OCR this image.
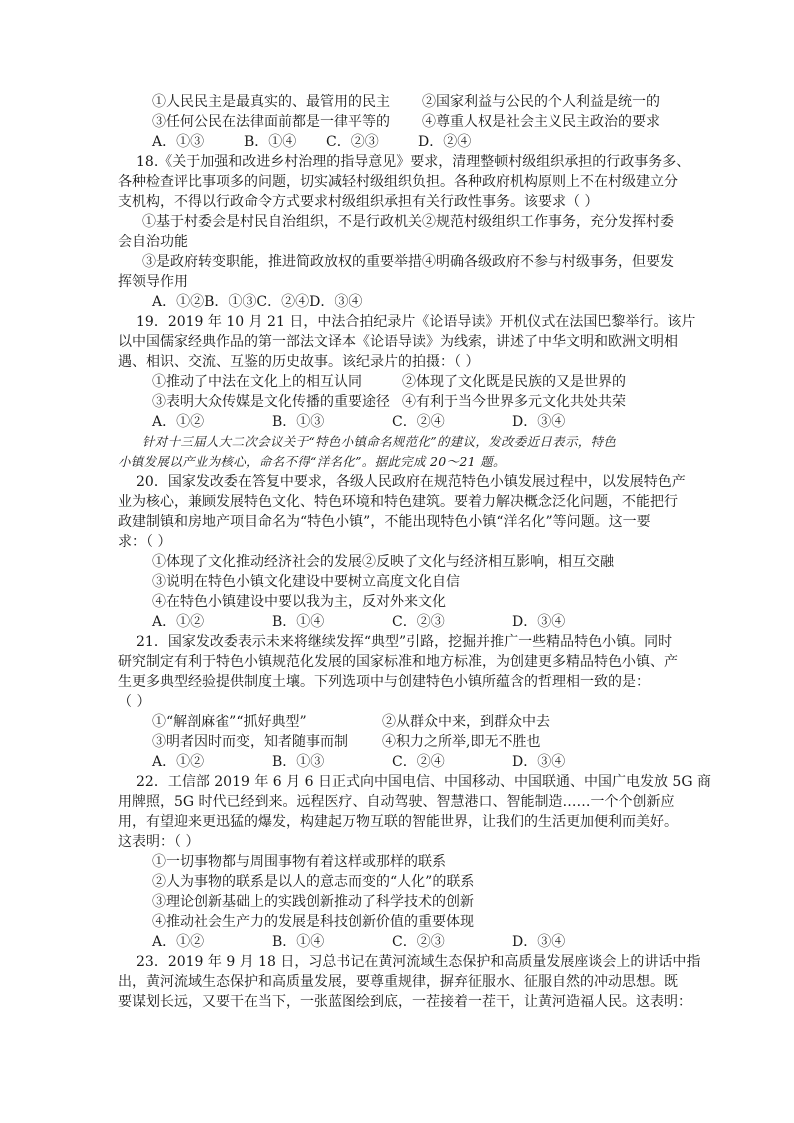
①人民民主是最真实的、最管用的民主	②国家利益与公民的个人利益是统一的
③任何公民在法律面前都是一律平等的	④尊重人权是社会主义民主政治的要求
A．①③	B．①④ C．②③	D．②④
18.《关于加强和改进乡村治理的指导意见》要求，清理整顿村级组织承担的行政事务多、
各种检查评比事项多的问题，切实减轻村级组织负担。各种政府机构原则上不在村级建立分
支机构，不得以行政命令方式要求村级组织承担有关行政性事务。该要求（ ）
①基于村委会是村民自治组织，不是行政机关②规范村级组织工作事务，充分发挥村委
会自治功能
③是政府转变职能，推进简政放权的重要举措④明确各级政府不参与村级事务，但要发
挥领导作用
A．①②B．①③C．②④D．③④
19．2019 年 10 月 21 日，中法合拍纪录片《论语导读》开机仪式在法国巴黎举行。该片
以中国儒家经典作品的第一部法文译本《论语导读》为线索，讲述了中华文明和欧洲文明相
遇、相识、交流、互鉴的历史故事。该纪录片的拍摄：（ ）
①推动了中法在文化上的相互认同	②体现了文化既是民族的又是世界的
③表明大众传媒是文化传播的重要途径 ④有利于当今世界多元文化共处共荣
A．①②	B．①③	C．②④	D．③④
针对十三届人大二次会议关于“特色小镇命名规范化”的建议，发改委近日表示，特色
小镇发展以产业为核心，命名不得“洋名化”。据此完成 20～21 题。
20．国家发改委在答复中要求，各级人民政府在规范特色小镇发展过程中，以发展特色产
业为核心，兼顾发展特色文化、特色环境和特色建筑。要着力解决概念泛化问题，不能把行
政建制镇和房地产项目命名为“特色小镇”，不能出现特色小镇“洋名化”等问题。这一要
求：（ ）
①体现了文化推动经济社会的发展②反映了文化与经济相互影响，相互交融
③说明在特色小镇文化建设中要树立高度文化自信
④在特色小镇建设中要以我为主，反对外来文化
A．①②	B．①④	C．②③	D．③④
21．国家发改委表示未来将继续发挥“典型”引路，挖掘并推广一些精品特色小镇。同时
研究制定有利于特色小镇规范化发展的国家标准和地方标准，为创建更多精品特色小镇、产
生更多典型经验提供制度土壤。下列选项中与创建特色小镇所蕴含的哲理相一致的是：
（ ）
①“解剖麻雀”“抓好典型”	②从群众中来，到群众中去
③明者因时而变，知者随事而制	④积力之所举,即无不胜也
A．①②	B．①③	C．②④	D．③④
22．工信部 2019 年 6 月 6 日正式向中国电信、中国移动、中国联通、中国广电发放 5G 商
用牌照，5G 时代已经到来。远程医疗、自动驾驶、智慧港口、智能制造……一个个创新应
用，有望迎来更迅猛的爆发，构建起万物互联的智能世界，让我们的生活更加便利而美好。
这表明：（ ）
①一切事物都与周围事物有着这样或那样的联系
②人为事物的联系是以人的意志而变的“人化”的联系
③理论创新基础上的实践创新推动了科学技术的创新
④推动社会生产力的发展是科技创新价值的重要体现
A．①②	B．①④	C．②③	D．③④
23．2019 年 9 月 18 日，习总书记在黄河流域生态保护和高质量发展座谈会上的讲话中指
出，黄河流域生态保护和高质量发展，要尊重规律，摒弃征服水、征服自然的冲动思想。既
要谋划长远，又要干在当下，一张蓝图绘到底，一茬接着一茬干，让黄河造福人民。这表明：
